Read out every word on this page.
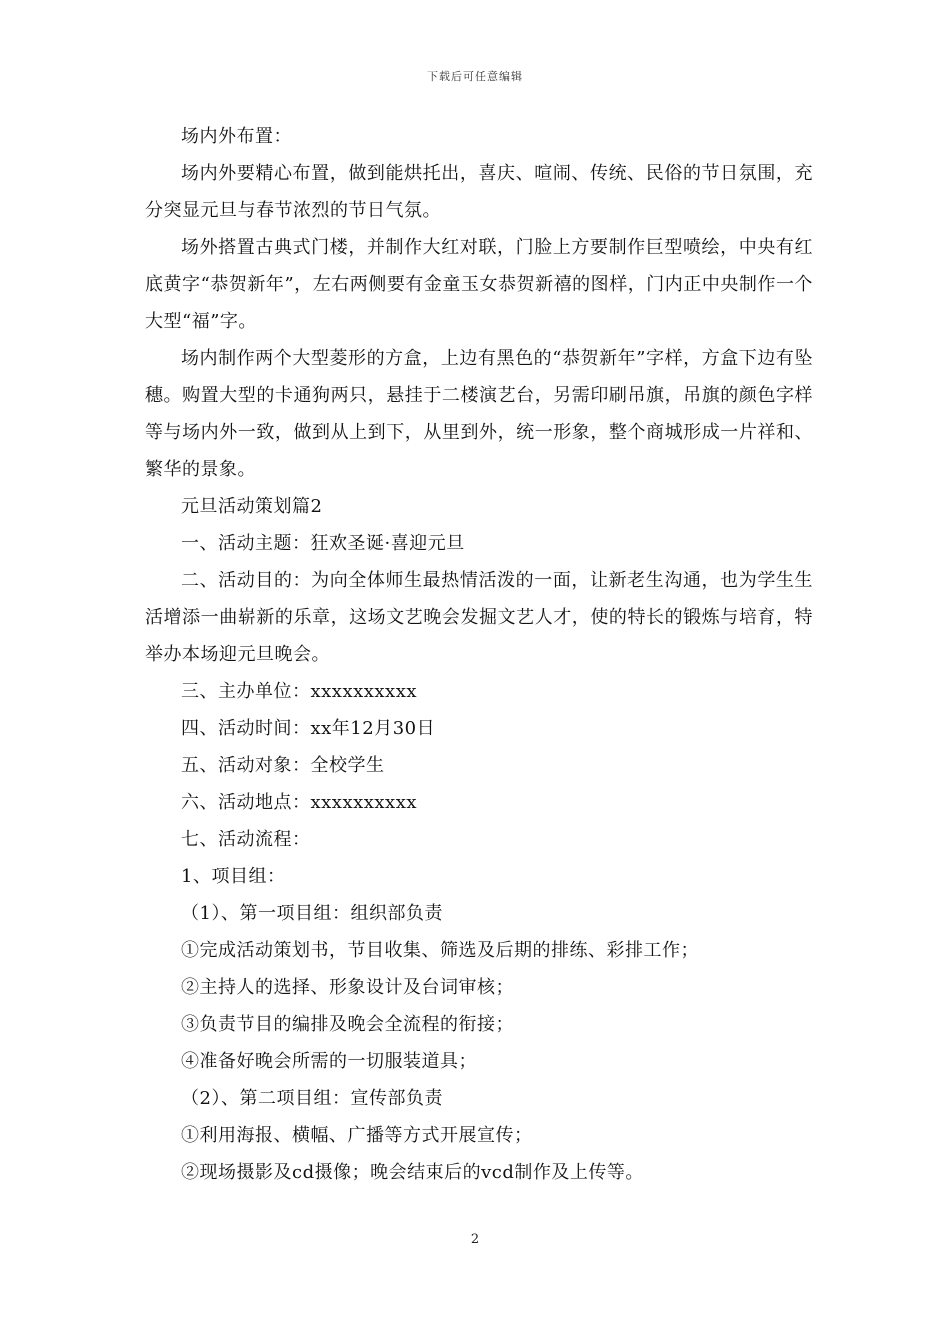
下载后可任意编辑

场内外布置：

场内外要精心布置，做到能烘托出，喜庆、喧闹、传统、民俗的节日氛围，充分突显元旦与春节浓烈的节日气氛。

场外搭置古典式门楼，并制作大红对联，门脸上方要制作巨型喷绘，中央有红底黄字“恭贺新年”，左右两侧要有金童玉女恭贺新禧的图样，门内正中央制作一个大型“福”字。

场内制作两个大型菱形的方盒，上边有黑色的“恭贺新年”字样，方盒下边有坠穗。购置大型的卡通狗两只，悬挂于二楼演艺台，另需印刷吊旗，吊旗的颜色字样等与场内外一致，做到从上到下，从里到外，统一形象，整个商城形成一片祥和、繁华的景象。

元旦活动策划篇2

一、活动主题：狂欢圣诞·喜迎元旦

二、活动目的：为向全体师生最热情活泼的一面，让新老生沟通，也为学生生活增添一曲崭新的乐章，这场文艺晚会发掘文艺人才，使的特长的锻炼与培育，特举办本场迎元旦晚会。

三、主办单位：xxxxxxxxxx

四、活动时间：xx年12月30日

五、活动对象：全校学生

六、活动地点：xxxxxxxxxx

七、活动流程：

1、项目组：

（1）、第一项目组：组织部负责

①完成活动策划书，节目收集、筛选及后期的排练、彩排工作；

②主持人的选择、形象设计及台词审核；

③负责节目的编排及晚会全流程的衔接；

④准备好晚会所需的一切服装道具；

（2）、第二项目组：宣传部负责

①利用海报、横幅、广播等方式开展宣传；

②现场摄影及cd摄像；晚会结束后的vcd制作及上传等。

2
